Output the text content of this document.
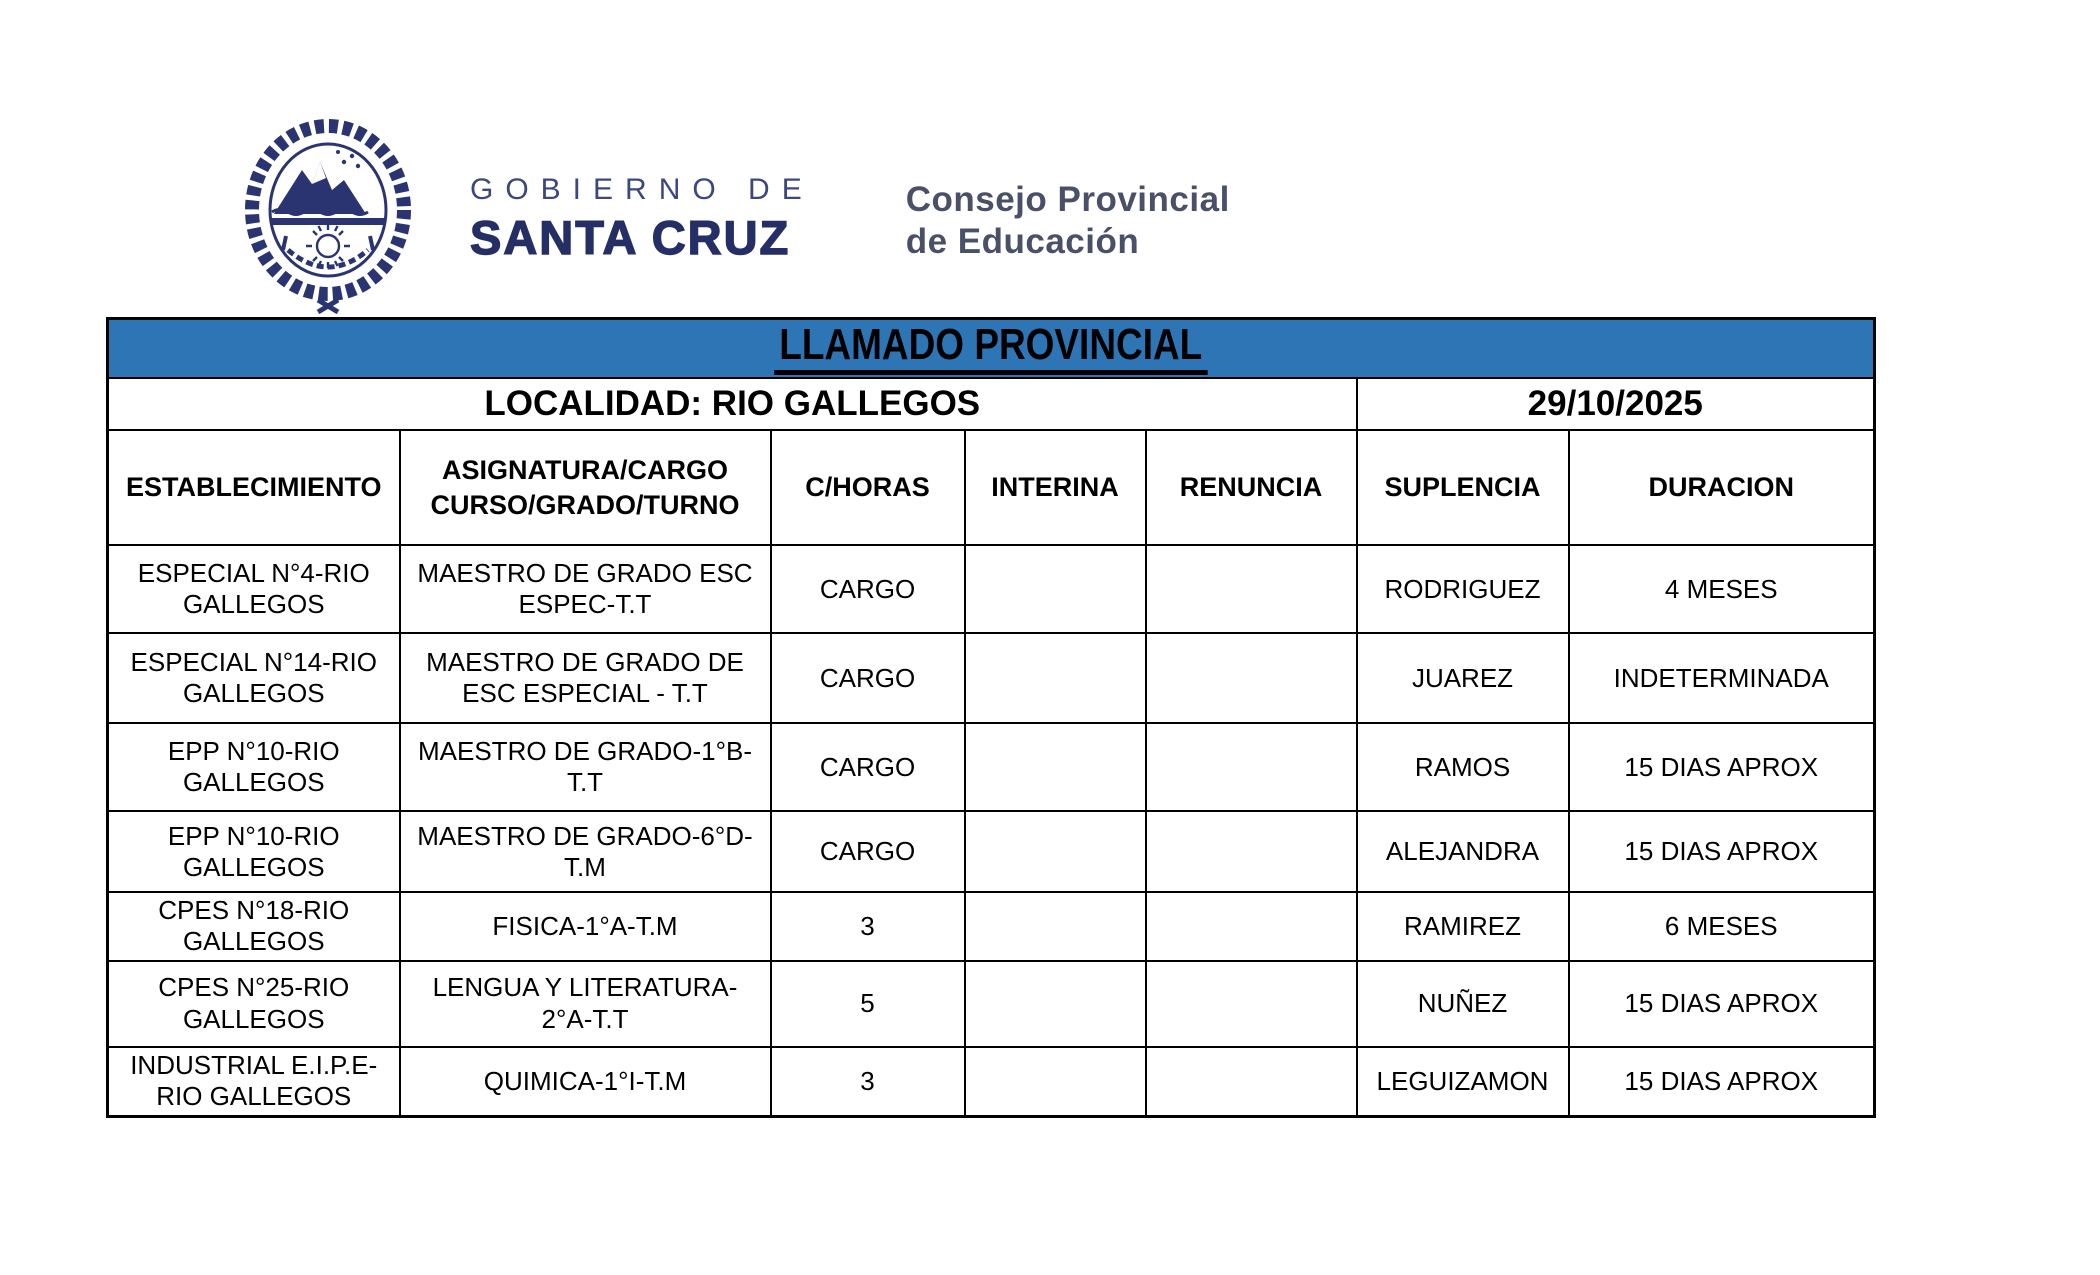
GOBIERNO DE
SANTA CRUZ
Consejo Provincial
de Educación
LLAMADO PROVINCIAL						
LOCALIDAD: RIO GALLEGOS					29/10/2025	
ESTABLECIMIENTO	ASIGNATURA/CARGO CURSO/GRADO/TURNO	C/HORAS	INTERINA	RENUNCIA	SUPLENCIA	DURACION
ESPECIAL N°4-RIO GALLEGOS	MAESTRO DE GRADO ESC ESPEC-T.T	CARGO			RODRIGUEZ	4 MESES
ESPECIAL N°14-RIO GALLEGOS	MAESTRO DE GRADO DE ESC ESPECIAL - T.T	CARGO			JUAREZ	INDETERMINADA
EPP N°10-RIO GALLEGOS	MAESTRO DE GRADO-1°B-T.T	CARGO			RAMOS	15 DIAS APROX
EPP N°10-RIO GALLEGOS	MAESTRO DE GRADO-6°D-T.M	CARGO			ALEJANDRA	15 DIAS APROX
CPES N°18-RIO GALLEGOS	FISICA-1°A-T.M	3			RAMIREZ	6 MESES
CPES N°25-RIO GALLEGOS	LENGUA Y LITERATURA-2°A-T.T	5			NUÑEZ	15 DIAS APROX
INDUSTRIAL E.I.P.E-RIO GALLEGOS	QUIMICA-1°I-T.M	3			LEGUIZAMON	15 DIAS APROX
